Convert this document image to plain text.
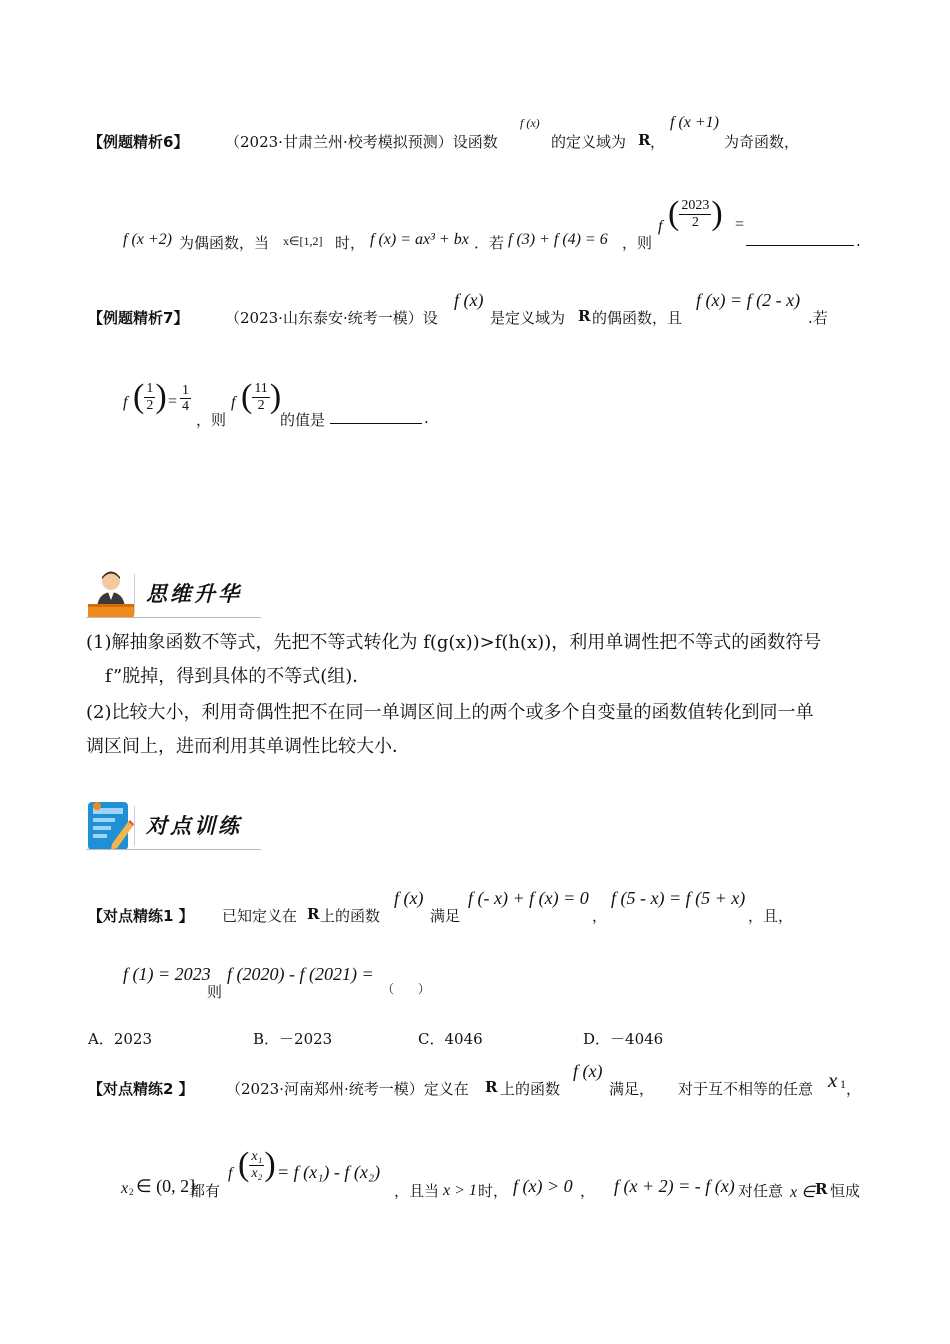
【例题精析6】 （2023·甘肃兰州·校考模拟预测）设函数
f (x)
的定义域为 R ，
f (x +1)
为奇函数，
f (x +2) 为偶函数，当 x∈[1,2] 时， f (x) = ax³ + bx ．若 f (3) + f (4) = 6 ，则
f ( $\frac{2023}{2}$ ) =
.
【例题精析7】 （2023·山东泰安·统考一模）设
f (x)
是定义域为 R 的偶函数，且
f (x) = f (2 - x)
.若
f ( $\frac{1}{2}$ ) = $\frac{1}{4}$
，则
f ( $\frac{11}{2}$ )
的值是	.
思维升华
(1)解抽象函数不等式，先把不等式转化为 f(g(x))>f(h(x))，利用单调性把不等式的函数符号
f”脱掉，得到具体的不等式(组)．
(2)比较大小，利用奇偶性把不在同一单调区间上的两个或多个自变量的函数值转化到同一单
调区间上，进而利用其单调性比较大小．
对点训练
【对点精练1 】 已知定义在 R 上的函数
f (x)
满足
f (- x) + f (x) = 0
，
f (5 - x) = f (5 + x)
，且，
f (1) = 2023
则
f (2020) - f (2021) =
（　　）
A．2023	B．－2023	C．4046	D．－4046
【对点精练2 】 （2023·河南郑州·统考一模）定义在 R 上的函数
f (x)
满足， 对于互不相等的任意 x 1 ，
x 2 ∈ (0, 2]
都有
f ( $\frac{\text{x₁}}{\text{x₂}}$ ) = f (x₁) - f (x₂)
，且当 x > 1 时， f (x) > 0 ， f (x + 2) = - f (x) 对任意 x ∈ R 恒成
